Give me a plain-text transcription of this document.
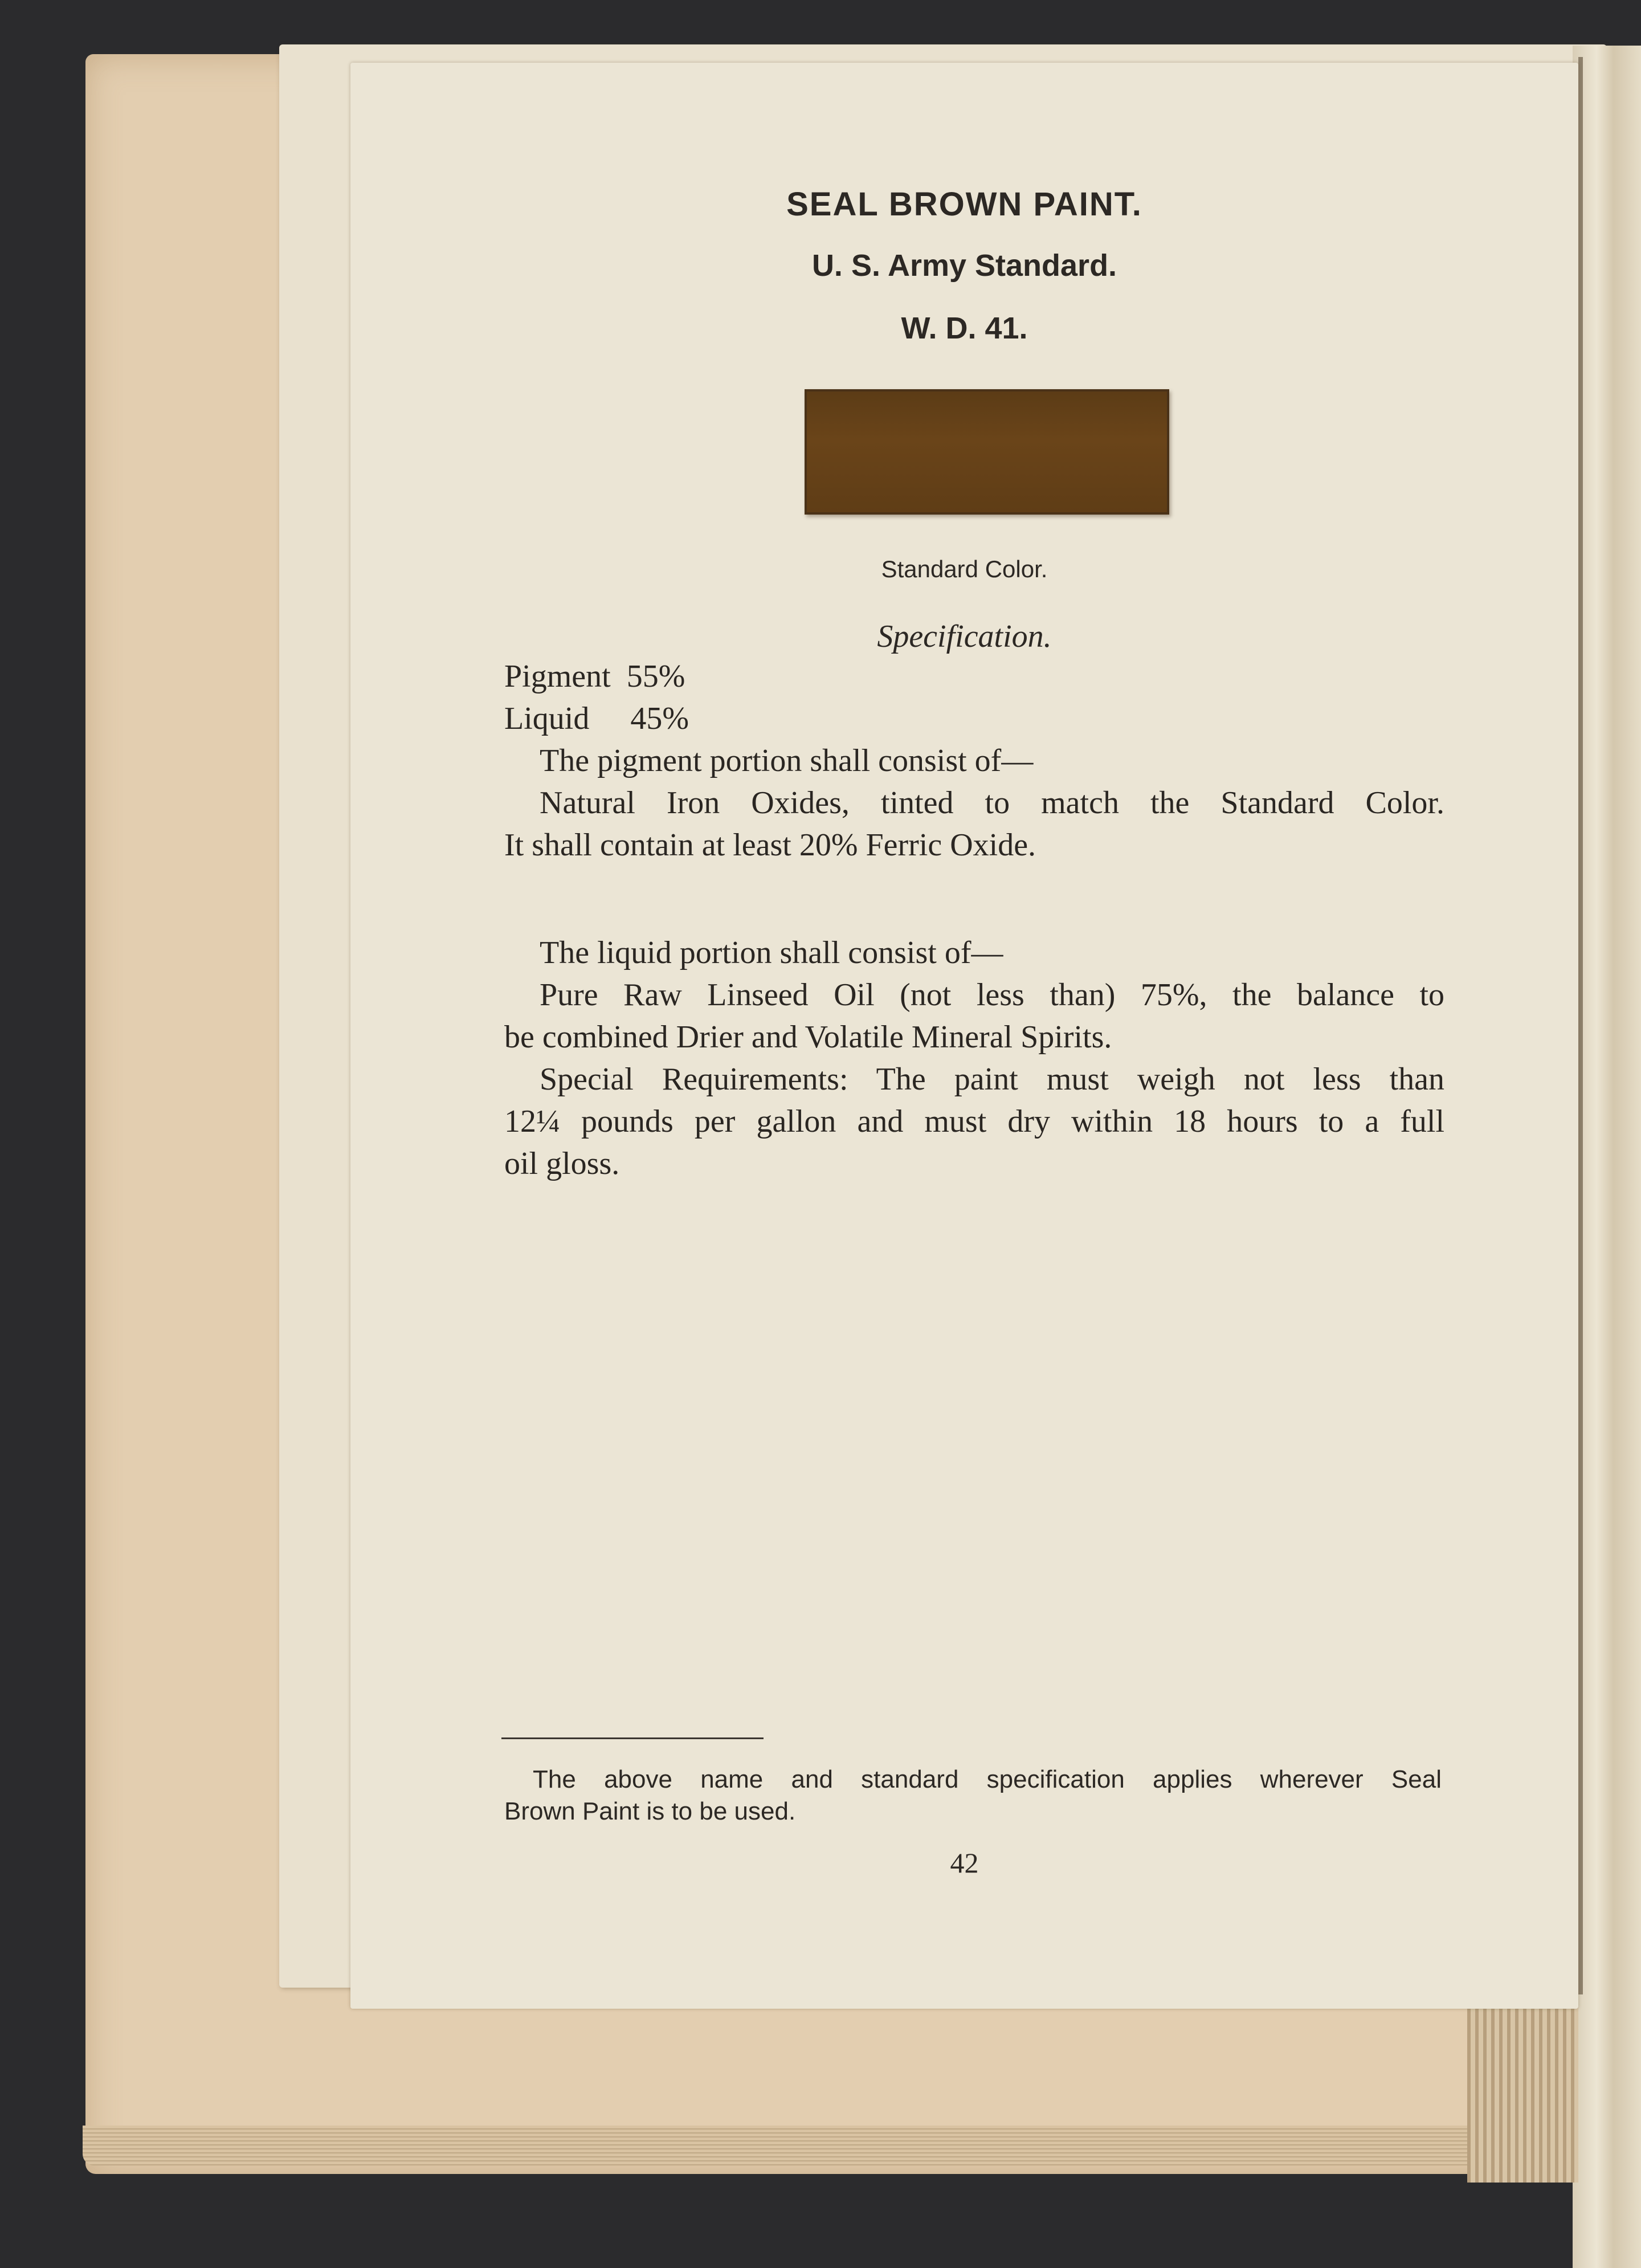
SEAL BROWN PAINT.
U. S. Army Standard.
W. D. 41.
Standard Color.
Specification.
Pigment 55%
Liquid 45%
The pigment portion shall consist of—
Natural Iron Oxides, tinted to match the Standard Color.
It shall contain at least 20% Ferric Oxide.
The liquid portion shall consist of—
Pure Raw Linseed Oil (not less than) 75%, the balance to
be combined Drier and Volatile Mineral Spirits.
Special Requirements: The paint must weigh not less than
12¼ pounds per gallon and must dry within 18 hours to a full
oil gloss.
The above name and standard specification applies wherever Seal
Brown Paint is to be used.
42
